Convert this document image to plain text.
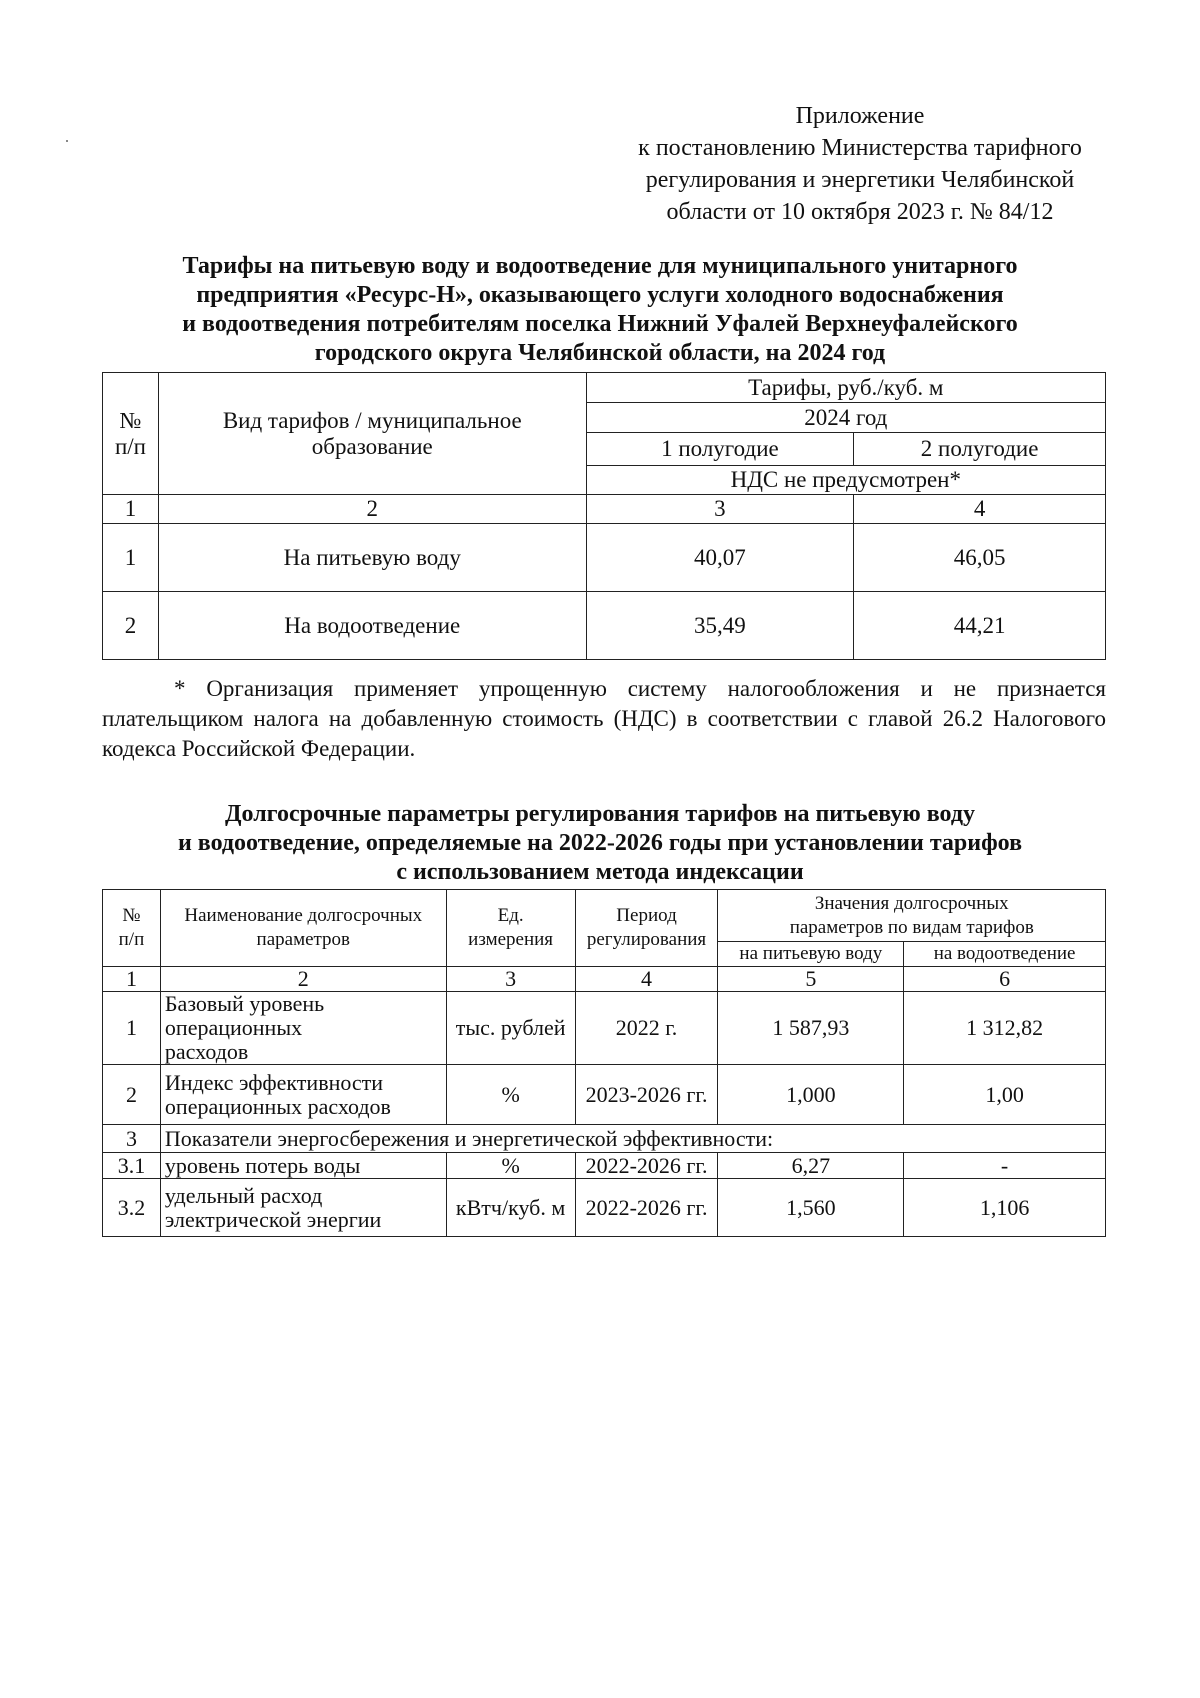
Приложение
к постановлению Министерства тарифного
регулирования и энергетики Челябинской
области от 10 октября 2023 г. № 84/12
Тарифы на питьевую воду и водоотведение для муниципального унитарного
предприятия «Ресурс-Н», оказывающего услуги холодного водоснабжения
и водоотведения потребителям поселка Нижний Уфалей Верхнеуфалейского
городского округа Челябинской области, на 2024 год
№ п/п	Вид тарифов / муниципальное образование	Тарифы, руб./куб. м	
		2024 год	
		1 полугодие	2 полугодие
		НДС не предусмотрен*	
1	2	3	4
1	На питьевую воду	40,07	46,05
2	На водоотведение	35,49	44,21

* Организация применяет упрощенную систему налогообложения и не признается плательщиком налога на добавленную стоимость (НДС) в соответствии с главой 26.2 Налогового кодекса Российской Федерации.

Долгосрочные параметры регулирования тарифов на питьевую воду
и водоотведение, определяемые на 2022-2026 годы при установлении тарифов
с использованием метода индексации
№ п/п	Наименование долгосрочных параметров	Ед. измерения	Период регулирования	Значения долгосрочных параметров по видам тарифов	
				на питьевую воду	на водоотведение
1	2	3	4	5	6
1	Базовый уровень операционных расходов	тыс. рублей	2022 г.	1 587,93	1 312,82
2	Индекс эффективности операционных расходов	%	2023-2026 гг.	1,000	1,00
3	Показатели энергосбережения и энергетической эффективности:				
3.1	уровень потерь воды	%	2022-2026 гг.	6,27	-
3.2	удельный расход электрической энергии	кВтч/куб. м	2022-2026 гг.	1,560	1,106
